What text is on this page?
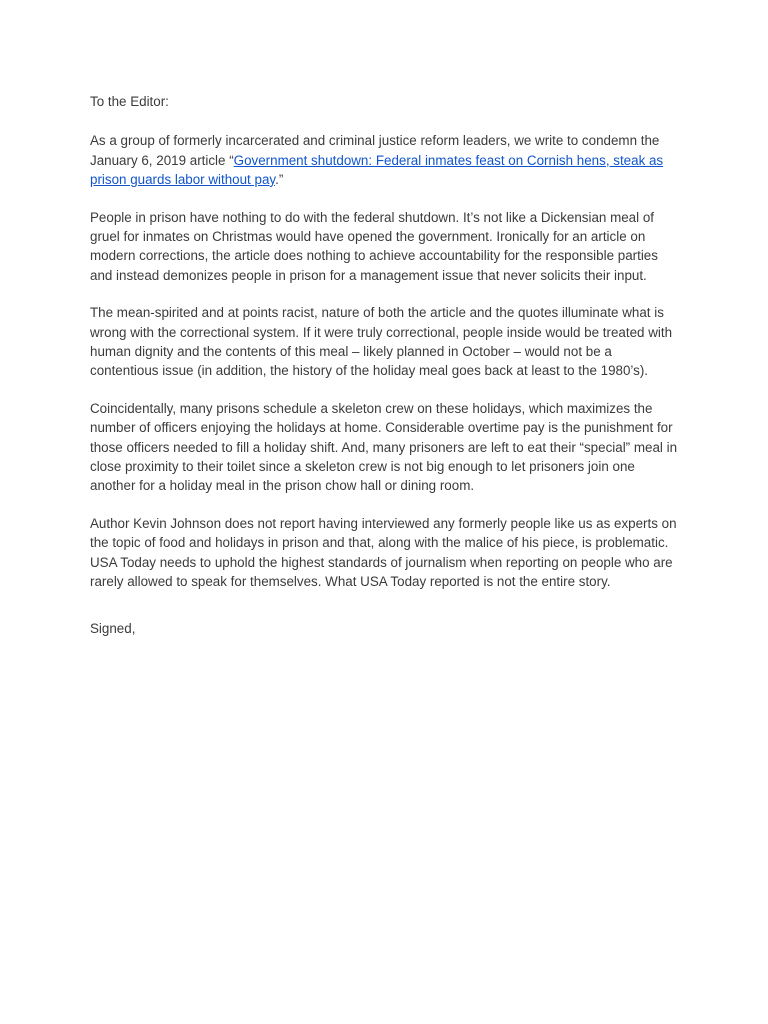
To the Editor:

As a group of formerly incarcerated and criminal justice reform leaders, we write to condemn the January 6, 2019 article “Government shutdown: Federal inmates feast on Cornish hens, steak as prison guards labor without pay.”

People in prison have nothing to do with the federal shutdown. It’s not like a Dickensian meal of gruel for inmates on Christmas would have opened the government. Ironically for an article on modern corrections, the article does nothing to achieve accountability for the responsible parties and instead demonizes people in prison for a management issue that never solicits their input.

The mean-spirited and at points racist, nature of both the article and the quotes illuminate what is wrong with the correctional system. If it were truly correctional, people inside would be treated with human dignity and the contents of this meal – likely planned in October – would not be a contentious issue (in addition, the history of the holiday meal goes back at least to the 1980’s).

Coincidentally, many prisons schedule a skeleton crew on these holidays, which maximizes the number of officers enjoying the holidays at home. Considerable overtime pay is the punishment for those officers needed to fill a holiday shift. And, many prisoners are left to eat their “special” meal in close proximity to their toilet since a skeleton crew is not big enough to let prisoners join one another for a holiday meal in the prison chow hall or dining room.

Author Kevin Johnson does not report having interviewed any formerly people like us as experts on the topic of food and holidays in prison and that, along with the malice of his piece, is problematic. USA Today needs to uphold the highest standards of journalism when reporting on people who are rarely allowed to speak for themselves. What USA Today reported is not the entire story.

Signed,
